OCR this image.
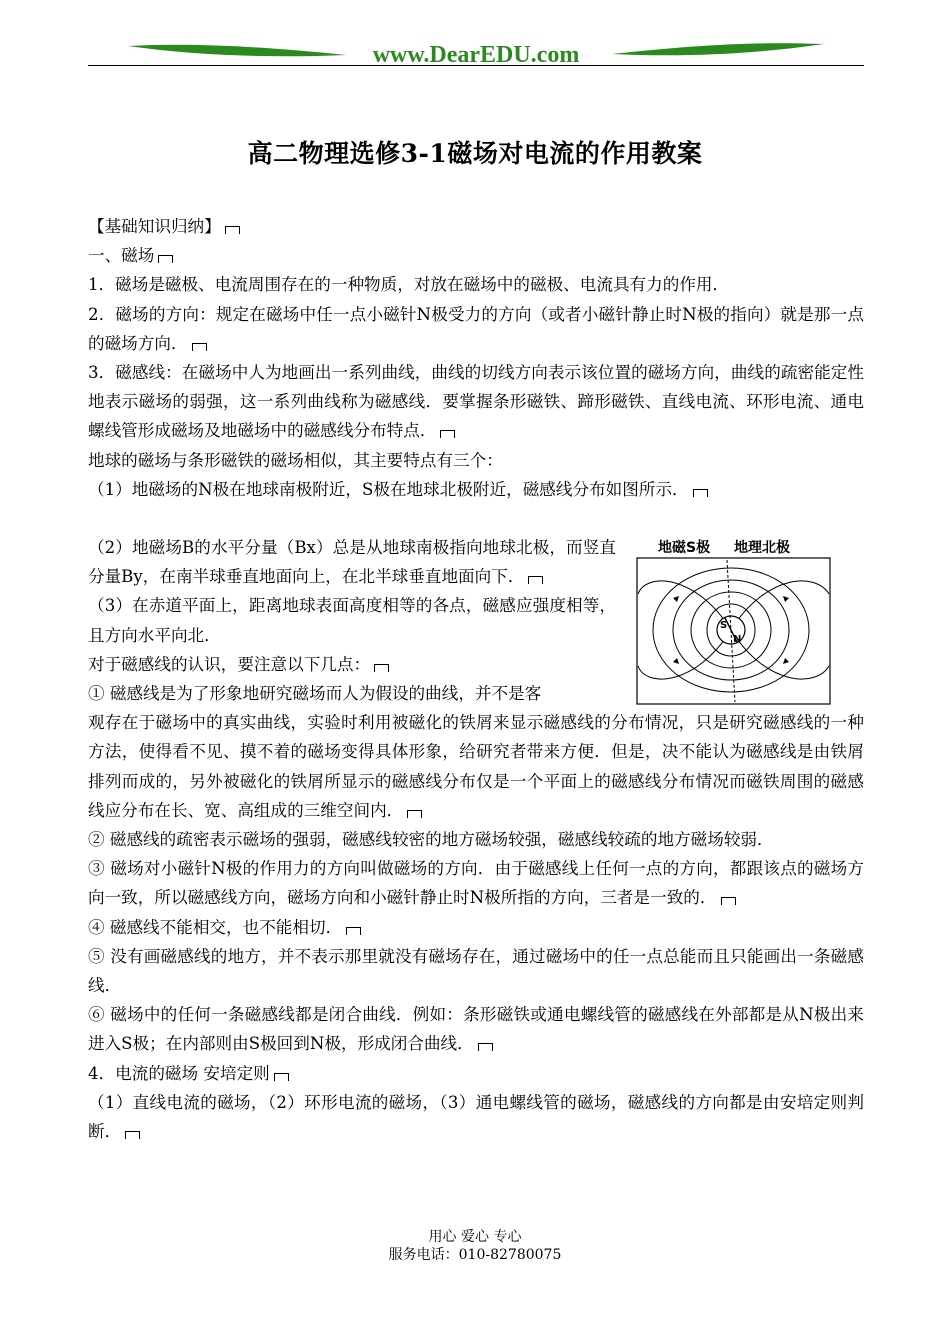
www.DearEDU.com
高二物理选修3-1磁场对电流的作用教案

【基础知识归纳】

一、磁场

1．磁场是磁极、电流周围存在的一种物质，对放在磁场中的磁极、电流具有力的作用．

2．磁场的方向：规定在磁场中任一点小磁针N极受力的方向（或者小磁针静止时N极的指向）就是那一点的磁场方向．

3．磁感线：在磁场中人为地画出一系列曲线，曲线的切线方向表示该位置的磁场方向，曲线的疏密能定性地表示磁场的弱强，这一系列曲线称为磁感线．要掌握条形磁铁、蹄形磁铁、直线电流、环形电流、通电螺线管形成磁场及地磁场中的磁感线分布特点．

地球的磁场与条形磁铁的磁场相似，其主要特点有三个：

（1）地磁场的N极在地球南极附近，S极在地球北极附近，磁感线分布如图所示．

（2）地磁场B的水平分量（Bx）总是从地球南极指向地球北极，而竖直分量By，在南半球垂直地面向上，在北半球垂直地面向下．

（3）在赤道平面上，距离地球表面高度相等的各点，磁感应强度相等，且方向水平向北．

对于磁感线的认识，要注意以下几点：

① 磁感线是为了形象地研究磁场而人为假设的曲线，并不是客

观存在于磁场中的真实曲线，实验时利用被磁化的铁屑来显示磁感线的分布情况，只是研究磁感线的一种方法，使得看不见、摸不着的磁场变得具体形象，给研究者带来方便．但是，决不能认为磁感线是由铁屑排列而成的，另外被磁化的铁屑所显示的磁感线分布仅是一个平面上的磁感线分布情况而磁铁周围的磁感线应分布在长、宽、高组成的三维空间内．

② 磁感线的疏密表示磁场的强弱，磁感线较密的地方磁场较强，磁感线较疏的地方磁场较弱．

③ 磁场对小磁针N极的作用力的方向叫做磁场的方向．由于磁感线上任何一点的方向，都跟该点的磁场方向一致，所以磁感线方向，磁场方向和小磁针静止时N极所指的方向，三者是一致的．

④ 磁感线不能相交，也不能相切．

⑤ 没有画磁感线的地方，并不表示那里就没有磁场存在，通过磁场中的任一点总能而且只能画出一条磁感线．

⑥ 磁场中的任何一条磁感线都是闭合曲线．例如：条形磁铁或通电螺线管的磁感线在外部都是从N极出来进入S极；在内部则由S极回到N极，形成闭合曲线．

4．电流的磁场 安培定则

（1）直线电流的磁场，（2）环形电流的磁场，（3）通电螺线管的磁场，磁感线的方向都是由安培定则判断．

地磁S极 地理北极
S
N
用心 爱心 专心
服务电话：010-82780075
